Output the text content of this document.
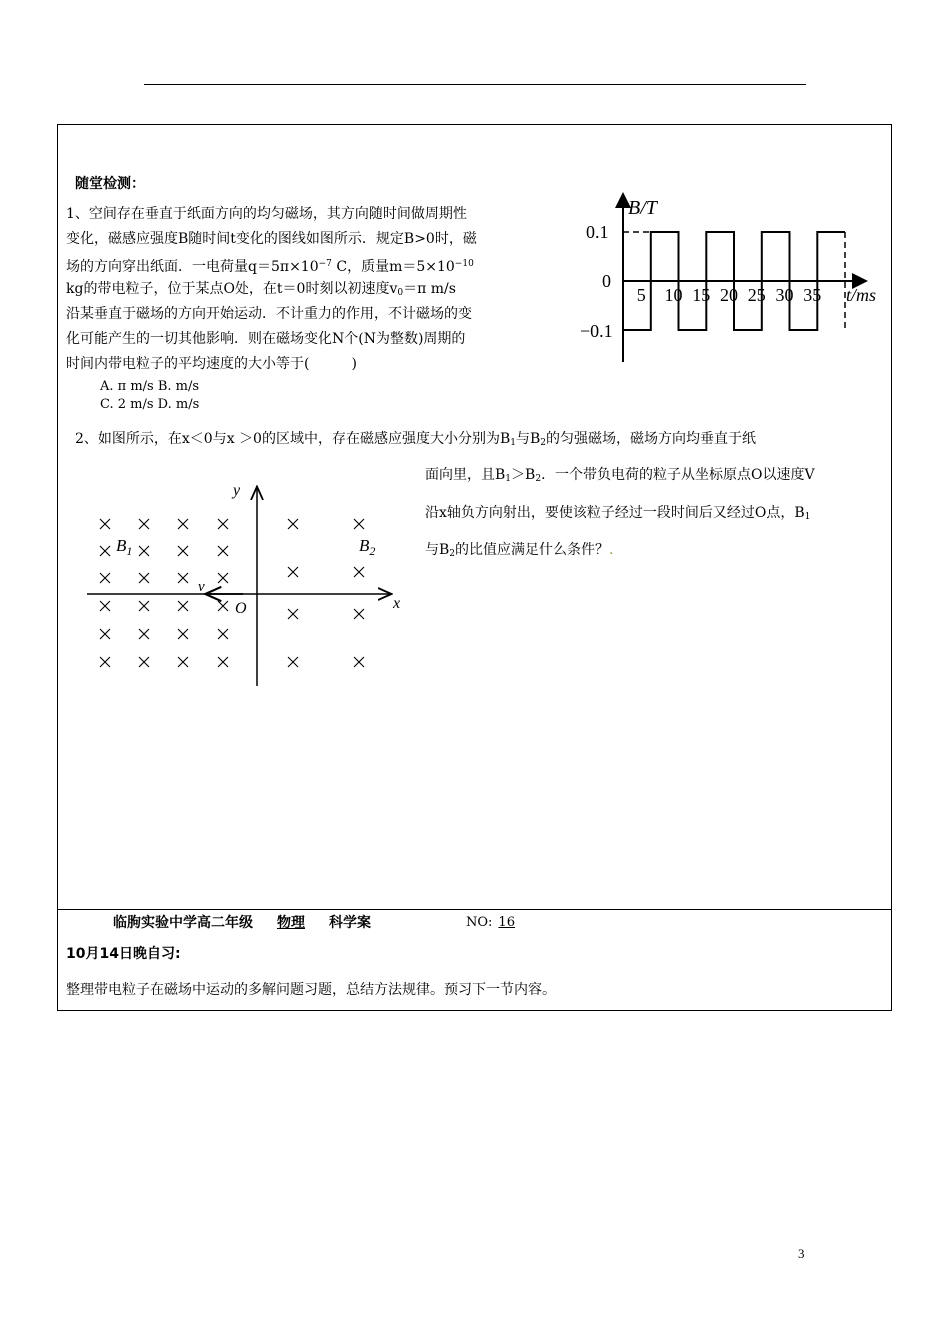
随堂检测：
1、空间存在垂直于纸面方向的均匀磁场，其方向随时间做周期性
变化，磁感应强度B随时间t变化的图线如图所示．规定B>0时，磁
场的方向穿出纸面．一电荷量$q=5\pi\times 10^{-7}$ C，质量$m=5\times 10^{-10}$
kg的带电粒子，位于某点O处，在t＝0时刻以初速度$v_0=\pi$ m/s
沿某垂直于磁场的方向开始运动．不计重力的作用，不计磁场的变
化可能产生的一切其他影响．则在磁场变化N个(N为整数)周期的
时间内带电粒子的平均速度的大小等于(　　　)
A. π m/s B. m/s
C. 2 m/s D. m/s
B/T
t/ms
0.1
0
−0.1
5 10 15 20 25 30 35
2、如图所示，在x＜0与x ＞0的区域中，存在磁感应强度大小分别为$B_1$与$B_2$的匀强磁场，磁场方向均垂直于纸
面向里，且$B_1>B_2$．一个带负电荷的粒子从坐标原点O以速度V
沿x轴负方向射出，要使该粒子经过一段时间后又经过O点，$B_1$
与$B_2$的比值应满足什么条件？.
y
x
O
v
$B_1$	$B_2$
临朐实验中学高二年级 物理 科学案	NO: 16
10月14日晚自习:
整理带电粒子在磁场中运动的多解问题习题，总结方法规律。预习下一节内容。
3
